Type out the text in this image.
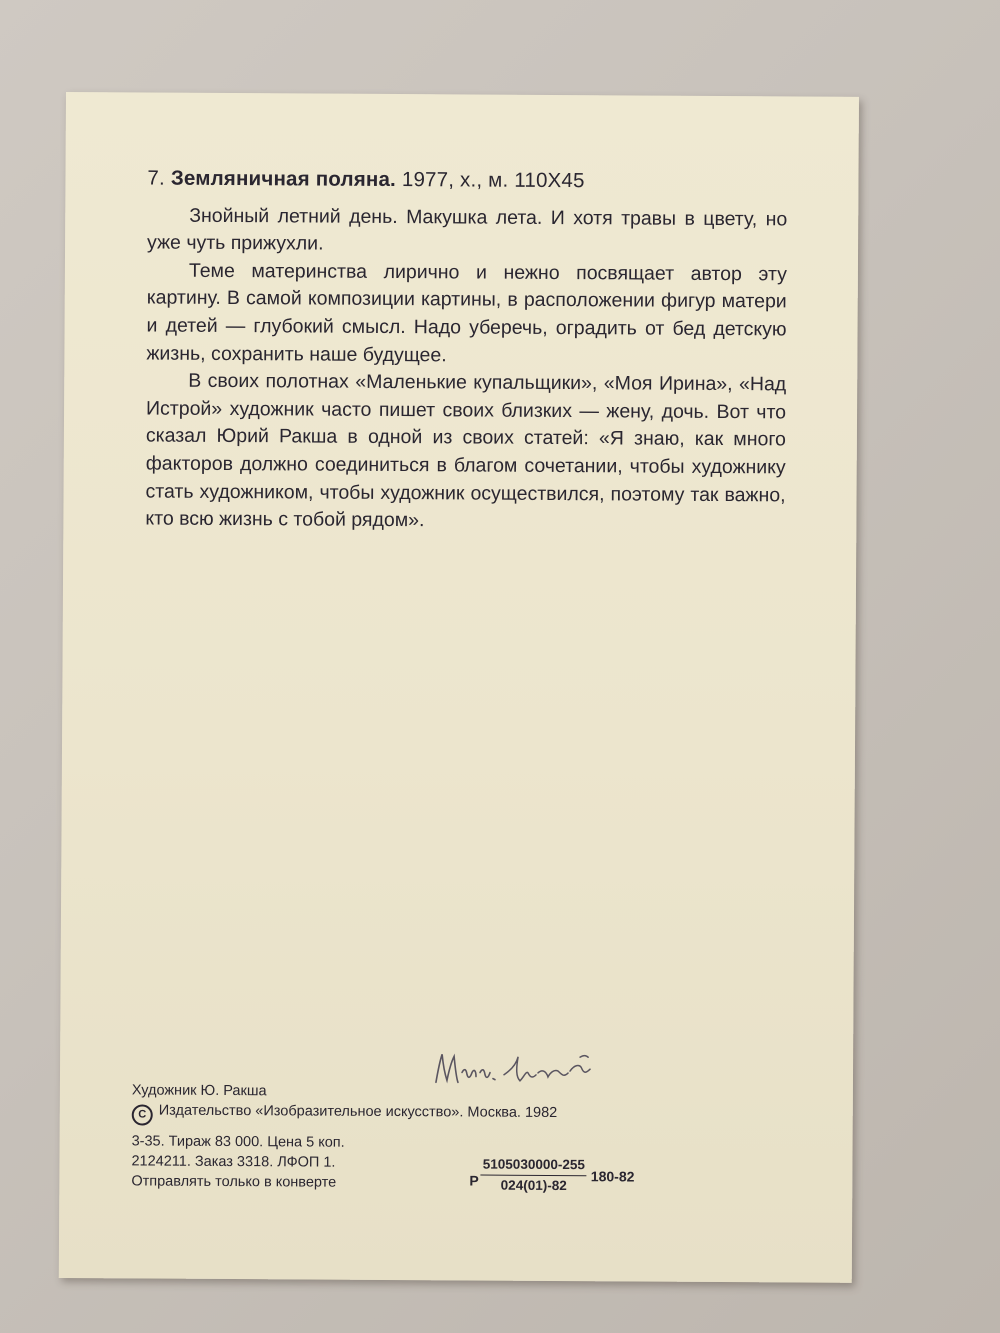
7. Земляничная поляна. 1977, х., м. 110Х45

Знойный летний день. Макушка лета. И хотя травы в цвету, но уже чуть прижухли.

Теме материнства лирично и нежно посвящает автор эту картину. В самой композиции картины, в расположении фигур матери и детей — глубокий смысл. Надо уберечь, оградить от бед детскую жизнь, сохранить наше будущее.

В своих полотнах «Маленькие купальщики», «Моя Ирина», «Над Истрой» художник часто пишет своих близких — жену, дочь. Вот что сказал Юрий Ракша в одной из своих статей: «Я знаю, как много факторов должно соединиться в благом сочетании, чтобы художнику стать художником, чтобы художник осуществился, поэтому так важно, кто всю жизнь с тобой рядом».

Художник Ю. Ракша
C Издательство «Изобразительное искусство». Москва. 1982
3-35. Тираж 83 000. Цена 5 коп.
2124211. Заказ 3318. ЛФОП 1.
Отправлять только в конверте	Р $\frac{5105030000-255}{024(01)-82} 180-82$
